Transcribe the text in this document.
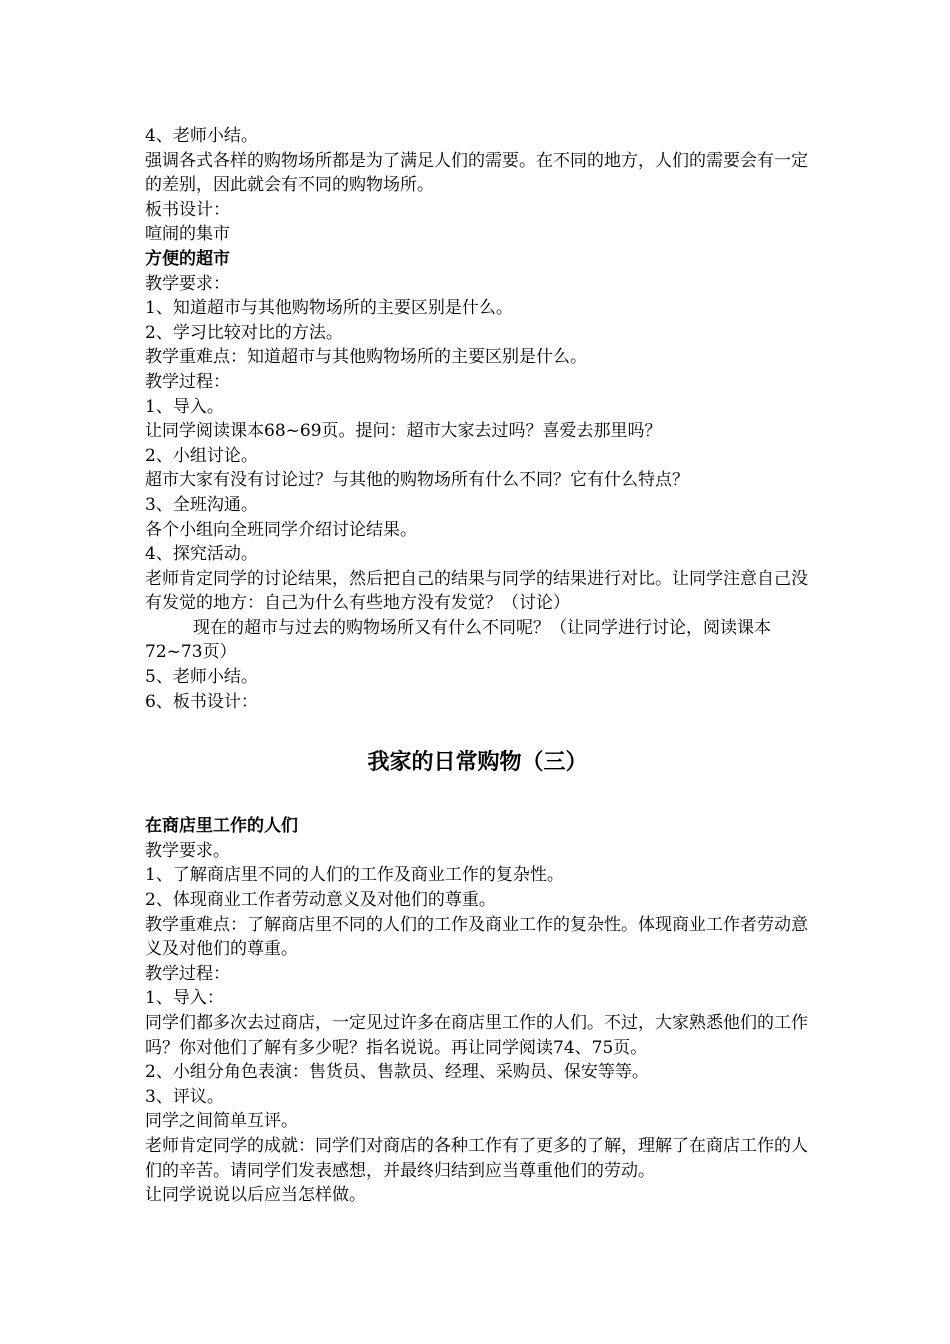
4、老师小结。

强调各式各样的购物场所都是为了满足人们的需要。在不同的地方，人们的需要会有一定的差别，因此就会有不同的购物场所。

板书设计：

喧闹的集市

方便的超市

教学要求：

1、知道超市与其他购物场所的主要区别是什么。

2、学习比较对比的方法。

教学重难点：知道超市与其他购物场所的主要区别是什么。

教学过程：

1、导入。

让同学阅读课本68~69页。提问：超市大家去过吗？喜爱去那里吗？

2、小组讨论。

超市大家有没有讨论过？与其他的购物场所有什么不同？它有什么特点？

3、全班沟通。

各个小组向全班同学介绍讨论结果。

4、探究活动。

老师肯定同学的讨论结果，然后把自己的结果与同学的结果进行对比。让同学注意自己没有发觉的地方：自己为什么有些地方没有发觉？（讨论）

现在的超市与过去的购物场所又有什么不同呢？（让同学进行讨论，阅读课本72~73页）

5、老师小结。

6、板书设计：

我家的日常购物（三）

在商店里工作的人们

教学要求。

1、了解商店里不同的人们的工作及商业工作的复杂性。

2、体现商业工作者劳动意义及对他们的尊重。

教学重难点：了解商店里不同的人们的工作及商业工作的复杂性。体现商业工作者劳动意义及对他们的尊重。

教学过程：

1、导入：

同学们都多次去过商店，一定见过许多在商店里工作的人们。不过，大家熟悉他们的工作吗？你对他们了解有多少呢？指名说说。再让同学阅读74、75页。

2、小组分角色表演：售货员、售款员、经理、采购员、保安等等。

3、评议。

同学之间简单互评。

老师肯定同学的成就：同学们对商店的各种工作有了更多的了解，理解了在商店工作的人们的辛苦。请同学们发表感想，并最终归结到应当尊重他们的劳动。

让同学说说以后应当怎样做。
